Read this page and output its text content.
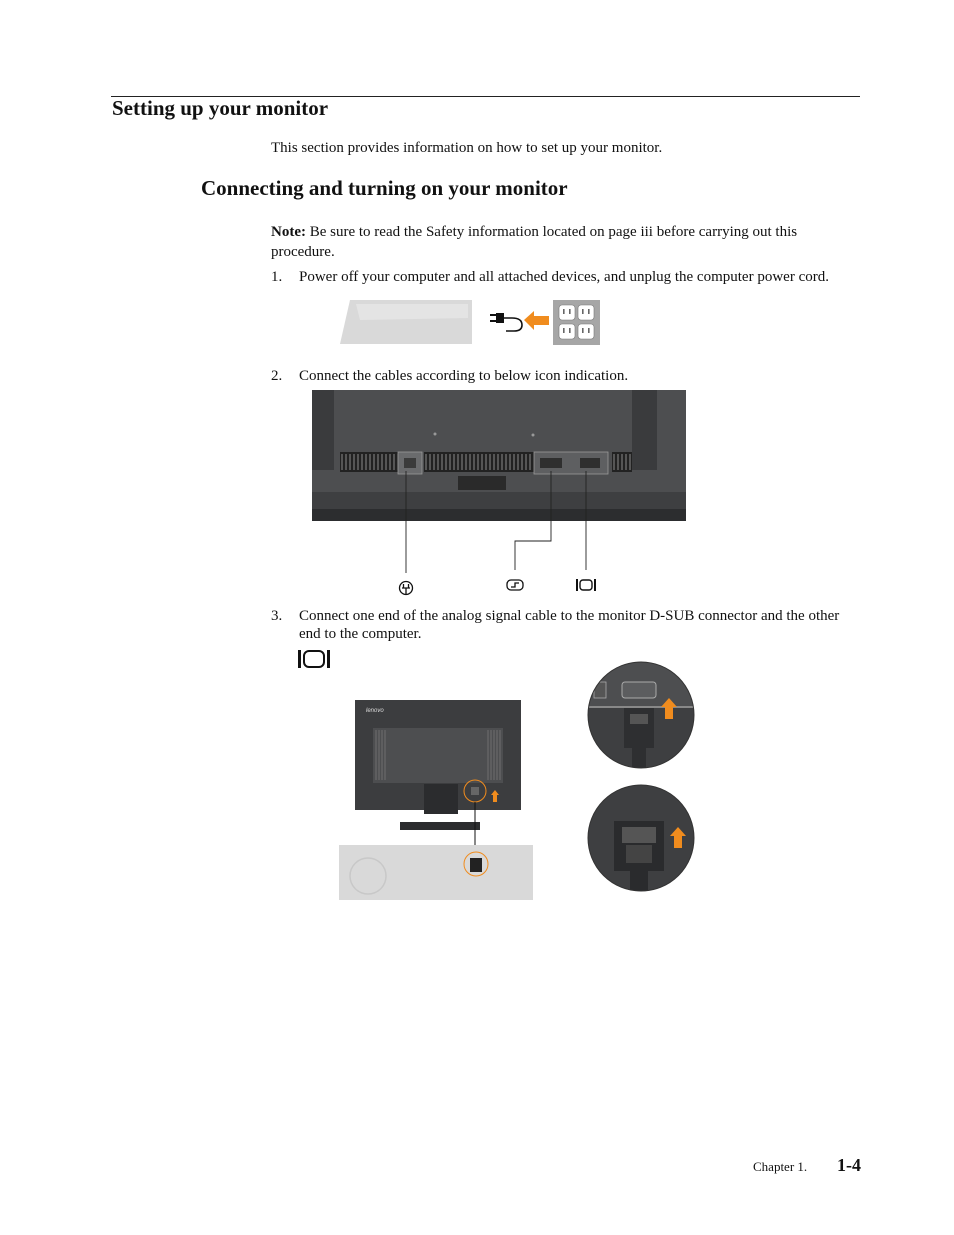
Setting up your monitor
This section provides information on how to set up your monitor.
Connecting and turning on your monitor
Note: Be sure to read the Safety information located on page iii before carrying out this procedure.
1. Power off your computer and all attached devices, and unplug the computer power cord.
2. Connect the cables according to below icon indication.
3. Connect one end of the analog signal cable to the monitor D-SUB connector and the other
end to the computer.
lenovo
Chapter 1. 1-4
